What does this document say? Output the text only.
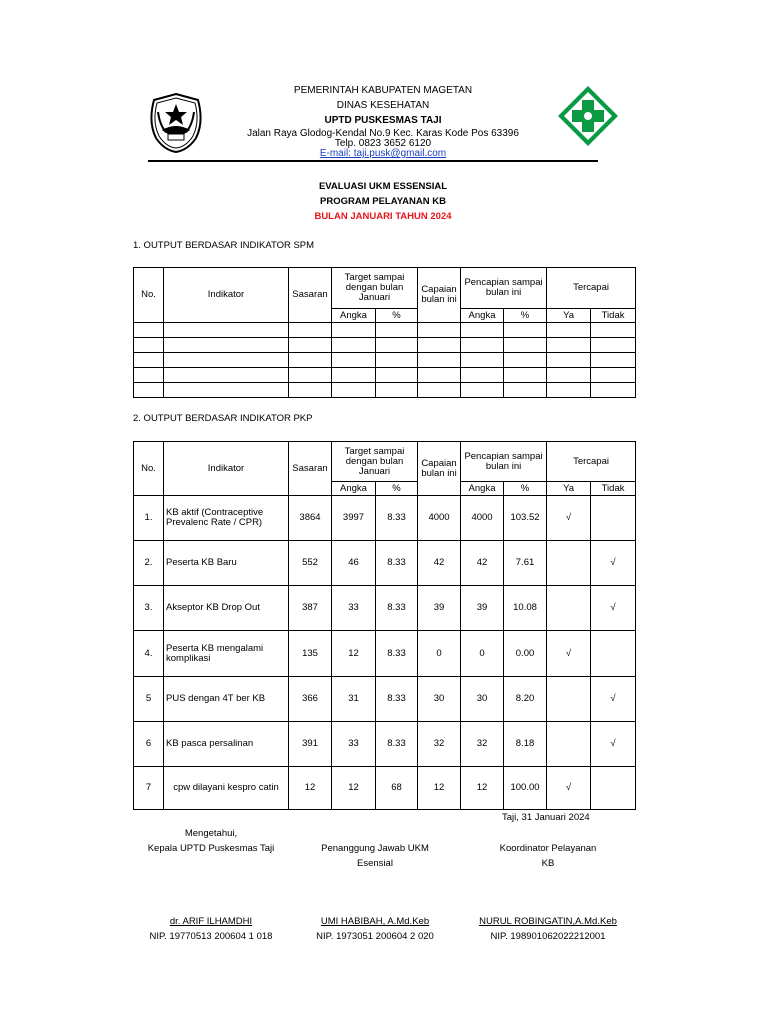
PEMERINTAH KABUPATEN MAGETAN
DINAS KESEHATAN
UPTD PUSKESMAS TAJI
Jalan Raya Glodog-Kendal No.9 Kec. Karas Kode Pos 63396
Telp. 0823 3652 6120
E-mail: taji.pusk@gmail.com
EVALUASI UKM ESSENSIAL
PROGRAM PELAYANAN KB
BULAN JANUARI TAHUN 2024
1. OUTPUT BERDASAR INDIKATOR SPM
No.	Indikator	Sasaran	Target sampai dengan bulan Januari		Capaian bulan ini	Pencapian sampai bulan ini		Tercapai	
			Angka	%		Angka	%	Ya	Tidak

2. OUTPUT BERDASAR INDIKATOR PKP
No.	Indikator	Sasaran	Target sampai dengan bulan Januari		Capaian bulan ini	Pencapian sampai bulan ini		Tercapai	
			Angka	%		Angka	%	Ya	Tidak
1.	KB aktif (Contraceptive Prevalenc Rate / CPR)	3864	3997	8.33	4000	4000	103.52	√	
2.	Peserta KB Baru	552	46	8.33	42	42	7.61		√
3.	Akseptor KB Drop Out	387	33	8.33	39	39	10.08		√
4.	Peserta KB mengalami komplikasi	135	12	8.33	0	0	0.00	√	
5	PUS dengan 4T ber KB	366	31	8.33	30	30	8.20		√
6	KB pasca persalinan	391	33	8.33	32	32	8.18		√
7	cpw dilayani kespro catin	12	12	68	12	12	100.00	√	
Taji, 31 Januari 2024
Mengetahui,
Kepala UPTD Puskesmas Taji	Penanggung Jawab UKM
Esensial
Koordinator Pelayanan
KB
dr. ARIF ILHAMDHI
NIP. 19770513 200604 1 018
UMI HABIBAH, A.Md.Keb
NIP. 1973051 200604 2 020
NURUL ROBINGATIN,A.Md.Keb
NIP. 198901062022212001
